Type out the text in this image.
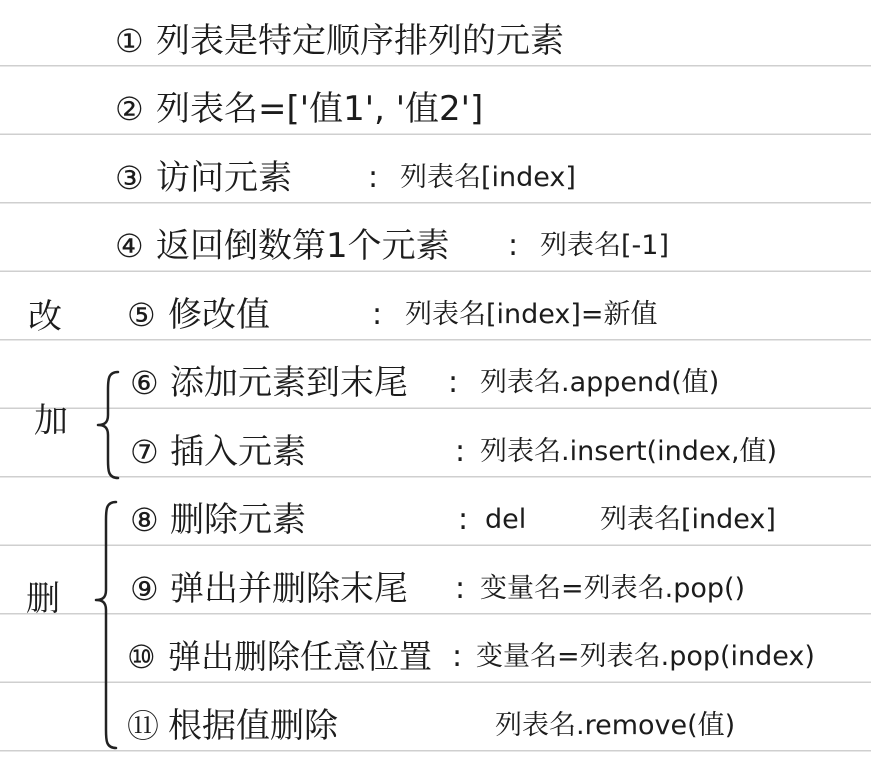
改
加
删
① 列表是特定顺序排列的元素
② 列表名=['值1', '值2']
③ 访问元素	: 列表名[index]
④ 返回倒数第1个元素 : 列表名[-1]
⑤ 修改值	: 列表名[index]=新值
⑥ 添加元素到末尾 : 列表名.append(值)
⑦ 插入元素	: 列表名.insert(index,值)
⑧ 删除元素	: del	列表名[index]
⑨ 弹出并删除末尾 : 变量名=列表名.pop()
⑩ 弹出删除任意位置 : 变量名=列表名.pop(index)
⑪ 根据值删除	列表名.remove(值)
